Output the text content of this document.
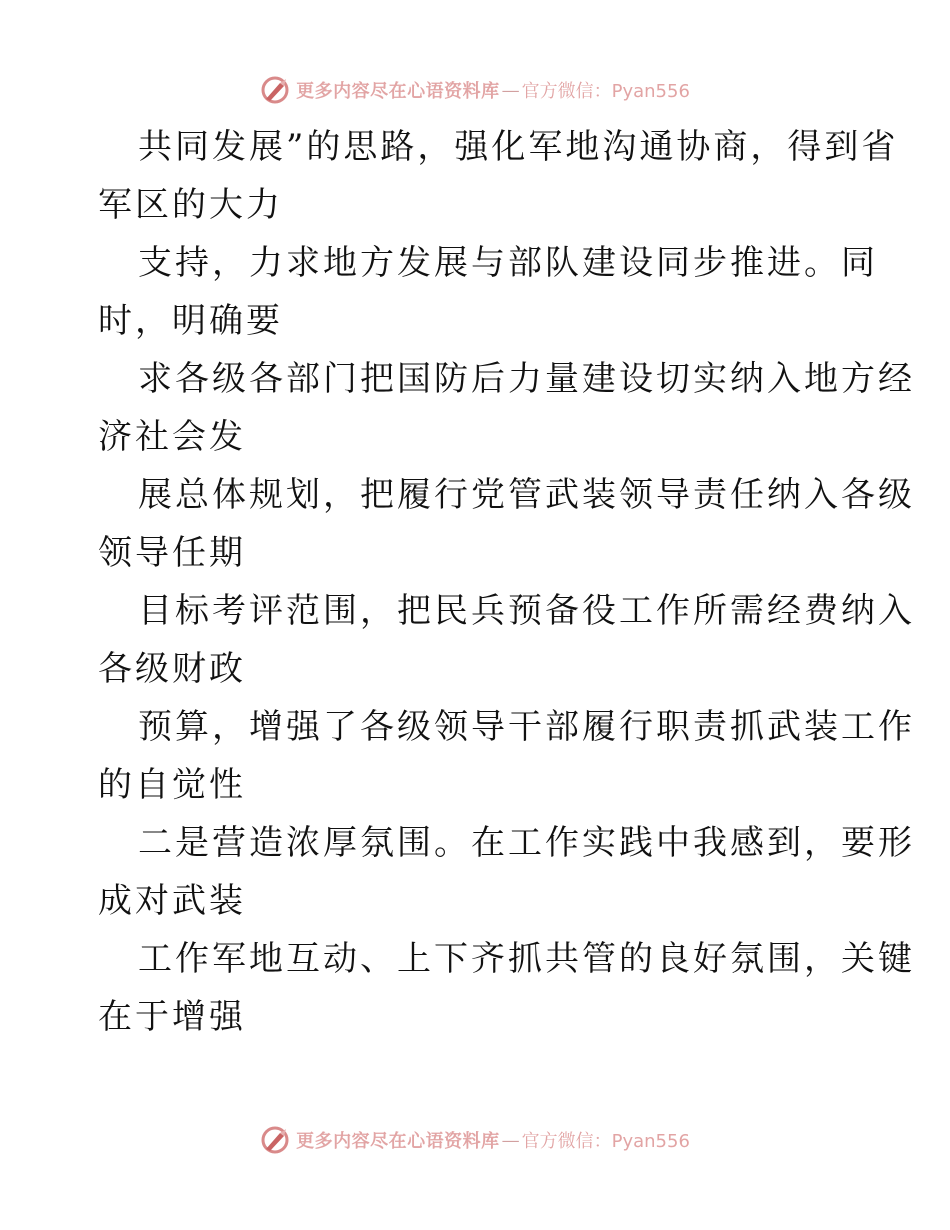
更多内容尽在心语资料库 — 官方微信：Pyan556

共同发展”的思路，强化军地沟通协商，得到省
军区的大力

支持，力求地方发展与部队建设同步推进。同
时，明确要

求各级各部门把国防后力量建设切实纳入地方经
济社会发

展总体规划，把履行党管武装领导责任纳入各级
领导任期

目标考评范围，把民兵预备役工作所需经费纳入
各级财政

预算，增强了各级领导干部履行职责抓武装工作
的自觉性

二是营造浓厚氛围。在工作实践中我感到，要形
成对武装

工作军地互动、上下齐抓共管的良好氛围，关键
在于增强

更多内容尽在心语资料库 — 官方微信：Pyan556
